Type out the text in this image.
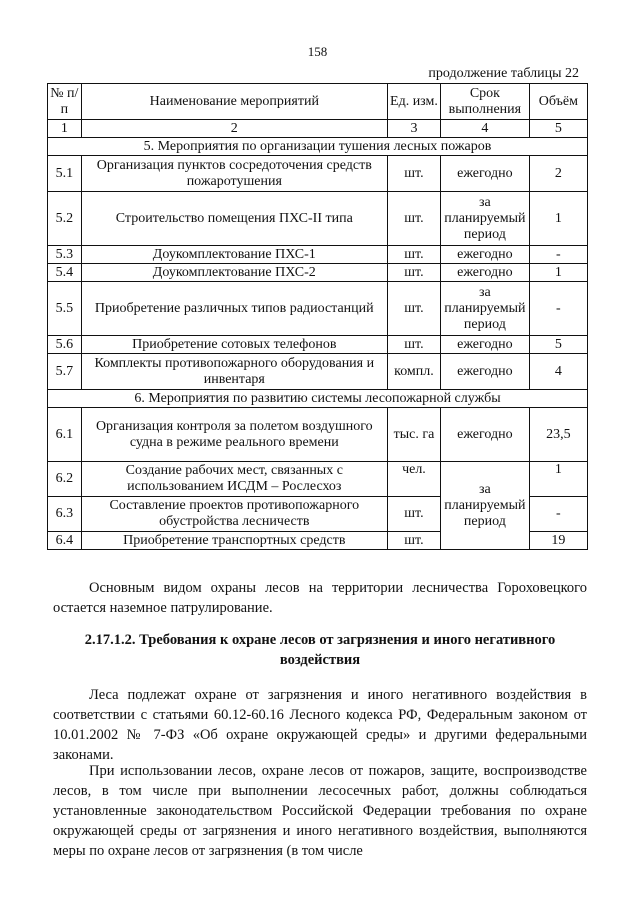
158
продолжение таблицы 22
№ п/п	Наименование мероприятий	Ед. изм.	Срок выполнения	Объём
1	2	3	4	5
5. Мероприятия по организации тушения лесных пожаров				
5.1	Организация пунктов сосредоточения средств пожаротушения	шт.	ежегодно	2
5.2	Строительство помещения ПХС-II типа	шт.	за планируемый период	1
5.3	Доукомплектование ПХС-1	шт.	ежегодно	-
5.4	Доукомплектование ПХС-2	шт.	ежегодно	1
5.5	Приобретение различных типов радиостанций	шт.	за планируемый период	-
5.6	Приобретение сотовых телефонов	шт.	ежегодно	5
5.7	Комплекты противопожарного оборудования и инвентаря	компл.	ежегодно	4
6. Мероприятия по развитию системы лесопожарной службы				
6.1	Организация контроля за полетом воздушного судна в режиме реального времени	тыс. га	ежегодно	23,5
6.2	Создание рабочих мест, связанных с использованием ИСДМ – Рослесхоз	чел.	за планируемый период	1
6.3	Составление проектов противопожарного обустройства лесничеств	шт.		-
6.4	Приобретение транспортных средств	шт.		19

Основным видом охраны лесов на территории лесничества Гороховецкого остается наземное патрулирование.

2.17.1.2. Требования к охране лесов от загрязнения и иного негативного воздействия

Леса подлежат охране от загрязнения и иного негативного воздействия в соответствии с статьями 60.12-60.16 Лесного кодекса РФ, Федеральным законом от 10.01.2002 № 7-ФЗ «Об охране окружающей среды» и другими федеральными законами.

При использовании лесов, охране лесов от пожаров, защите, воспроизводстве лесов, в том числе при выполнении лесосечных работ, должны соблюдаться установленные законодательством Российской Федерации требования по охране окружающей среды от загрязнения и иного негативного воздействия, выполняются меры по охране лесов от загрязнения (в том числе
